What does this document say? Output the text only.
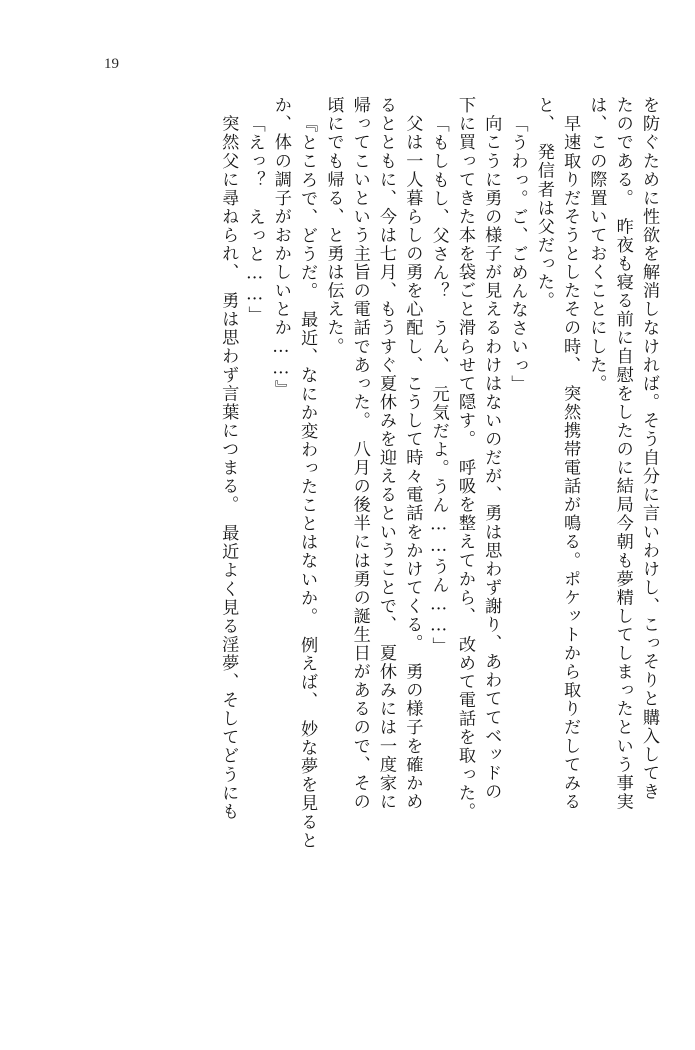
19
を防ぐために性欲を解消しなければ。そう自分に言いわけし、こっそりと購入してき
たのである。　昨夜も寝る前に自慰をしたのに結局今朝も夢精してしまったという事実
は、この際置いておくことにした。
　早速取りだそうとしたその時、　突然携帯電話が鳴る。ポケットから取りだしてみる
と、　発信者は父だった。
「うわっ。ご、ごめんなさいっ」
　向こうに勇の様子が見えるわけはないのだが、勇は思わず謝り、あわててベッドの
下に買ってきた本を袋ごと滑らせて隠す。　呼吸を整えてから、　改めて電話を取った。
「もしもし、父さん？　うん、　元気だよ。うん……うん……」
　父は一人暮らしの勇を心配し、こうして時々電話をかけてくる。　勇の様子を確かめ
るとともに、今は七月、もうすぐ夏休みを迎えるということで、　夏休みには一度家に
帰ってこいという主旨の電話であった。　八月の後半には勇の誕生日があるので、その
頃にでも帰る、と勇は伝えた。
『ところで、どうだ。　最近、なにか変わったことはないか。　例えば、　妙な夢を見ると
か、体の調子がおかしいとか……』
「えっ？　えっと……」
　突然父に尋ねられ、　勇は思わず言葉につまる。　最近よく見る淫夢、そしてどうにも
